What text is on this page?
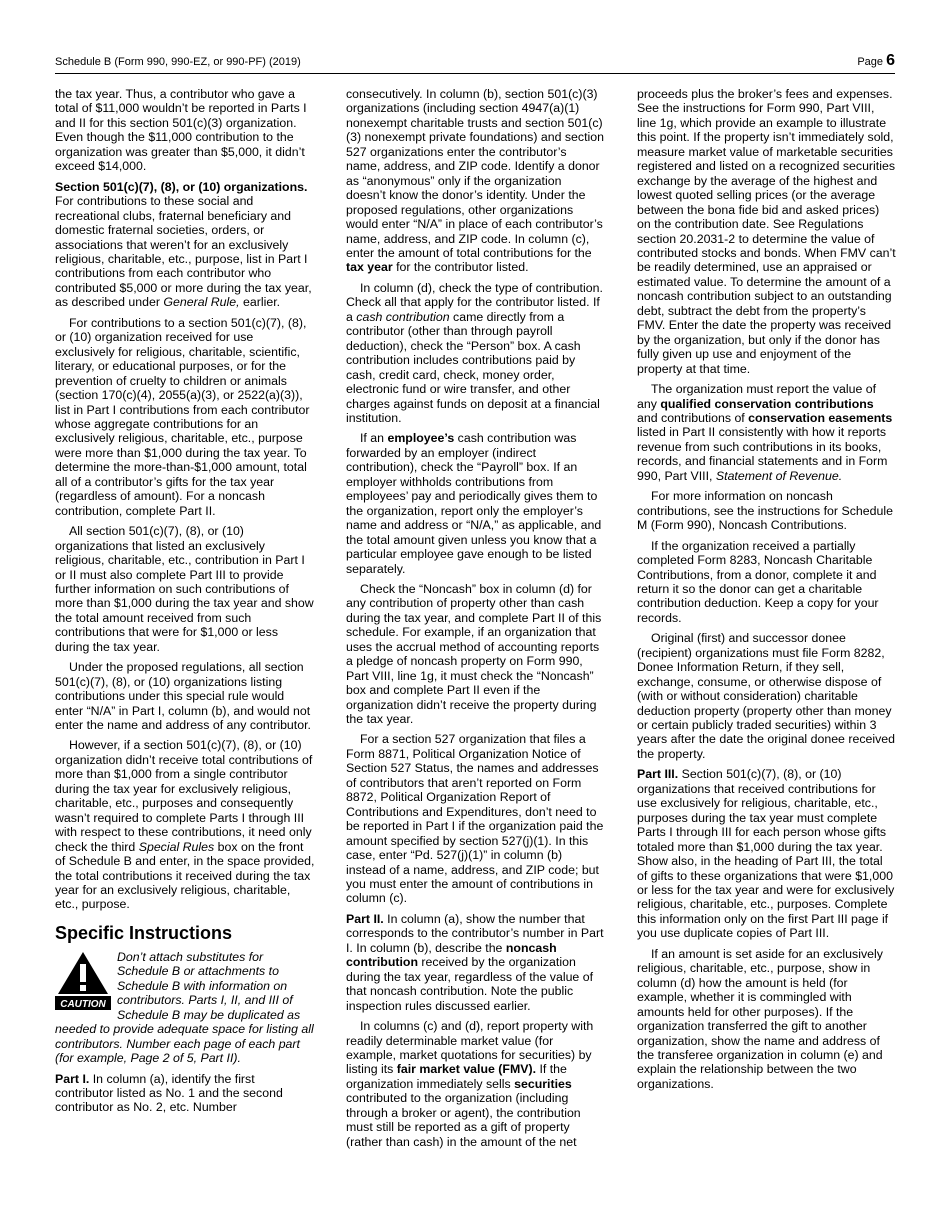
Schedule B (Form 990, 990-EZ, or 990-PF) (2019)	Page 6

the tax year. Thus, a contributor who gave a total of $11,000 wouldn’t be reported in Parts I and II for this section 501(c)(3) organization. Even though the $11,000 contribution to the organization was greater than $5,000, it didn’t exceed $14,000.

Section 501(c)(7), (8), or (10) organizations. For contributions to these social and recreational clubs, fraternal beneficiary and domestic fraternal societies, orders, or associations that weren’t for an exclusively religious, charitable, etc., purpose, list in Part I contributions from each contributor who contributed $5,000 or more during the tax year, as described under General Rule, earlier.

For contributions to a section 501(c)(7), (8), or (10) organization received for use exclusively for religious, charitable, scientific, literary, or educational purposes, or for the prevention of cruelty to children or animals (section 170(c)(4), 2055(a)(3), or 2522(a)(3)), list in Part I contributions from each contributor whose aggregate contributions for an exclusively religious, charitable, etc., purpose were more than $1,000 during the tax year. To determine the more-than-$1,000 amount, total all of a contributor’s gifts for the tax year (regardless of amount). For a noncash contribution, complete Part II.

All section 501(c)(7), (8), or (10) organizations that listed an exclusively religious, charitable, etc., contribution in Part I or II must also complete Part III to provide further information on such contributions of more than $1,000 during the tax year and show the total amount received from such contributions that were for $1,000 or less during the tax year.

Under the proposed regulations, all section 501(c)(7), (8), or (10) organizations listing contributions under this special rule would enter “N/A” in Part I, column (b), and would not enter the name and address of any contributor.

However, if a section 501(c)(7), (8), or (10) organization didn’t receive total contributions of more than $1,000 from a single contributor during the tax year for exclusively religious, charitable, etc., purposes and consequently wasn’t required to complete Parts I through III with respect to these contributions, it need only check the third Special Rules box on the front of Schedule B and enter, in the space provided, the total contributions it received during the tax year for an exclusively religious, charitable, etc., purpose.

Specific Instructions
CAUTION
Don’t attach substitutes for Schedule B or attachments to Schedule B with information on contributors. Parts I, II, and III of Schedule B may be duplicated as needed to provide adequate space for listing all contributors. Number each page of each part (for example, Page 2 of 5, Part II).

Part I. In column (a), identify the first contributor listed as No. 1 and the second contributor as No. 2, etc. Number

consecutively. In column (b), section 501(c)(3) organizations (including section 4947(a)(1) nonexempt charitable trusts and section 501(c)(3) nonexempt private foundations) and section 527 organizations enter the contributor’s name, address, and ZIP code. Identify a donor as “anonymous” only if the organization doesn’t know the donor’s identity. Under the proposed regulations, other organizations would enter “N/A” in place of each contributor’s name, address, and ZIP code. In column (c), enter the amount of total contributions for the tax year for the contributor listed.

In column (d), check the type of contribution. Check all that apply for the contributor listed. If a cash contribution came directly from a contributor (other than through payroll deduction), check the “Person” box. A cash contribution includes contributions paid by cash, credit card, check, money order, electronic fund or wire transfer, and other charges against funds on deposit at a financial institution.

If an employee’s cash contribution was forwarded by an employer (indirect contribution), check the “Payroll” box. If an employer withholds contributions from employees’ pay and periodically gives them to the organization, report only the employer’s name and address or “N/A,” as applicable, and the total amount given unless you know that a particular employee gave enough to be listed separately.

Check the “Noncash” box in column (d) for any contribution of property other than cash during the tax year, and complete Part II of this schedule. For example, if an organization that uses the accrual method of accounting reports a pledge of noncash property on Form 990, Part VIII, line 1g, it must check the “Noncash” box and complete Part II even if the organization didn’t receive the property during the tax year.

For a section 527 organization that files a Form 8871, Political Organization Notice of Section 527 Status, the names and addresses of contributors that aren’t reported on Form 8872, Political Organization Report of Contributions and Expenditures, don’t need to be reported in Part I if the organization paid the amount specified by section 527(j)(1). In this case, enter “Pd. 527(j)(1)” in column (b) instead of a name, address, and ZIP code; but you must enter the amount of contributions in column (c).

Part II. In column (a), show the number that corresponds to the contributor’s number in Part I. In column (b), describe the noncash contribution received by the organization during the tax year, regardless of the value of that noncash contribution. Note the public inspection rules discussed earlier.

In columns (c) and (d), report property with readily determinable market value (for example, market quotations for securities) by listing its fair market value (FMV). If the organization immediately sells securities contributed to the organization (including through a broker or agent), the contribution must still be reported as a gift of property (rather than cash) in the amount of the net

proceeds plus the broker’s fees and expenses. See the instructions for Form 990, Part VIII, line 1g, which provide an example to illustrate this point. If the property isn’t immediately sold, measure market value of marketable securities registered and listed on a recognized securities exchange by the average of the highest and lowest quoted selling prices (or the average between the bona fide bid and asked prices) on the contribution date. See Regulations section 20.2031-2 to determine the value of contributed stocks and bonds. When FMV can’t be readily determined, use an appraised or estimated value. To determine the amount of a noncash contribution subject to an outstanding debt, subtract the debt from the property’s FMV. Enter the date the property was received by the organization, but only if the donor has fully given up use and enjoyment of the property at that time.

The organization must report the value of any qualified conservation contributions and contributions of conservation easements listed in Part II consistently with how it reports revenue from such contributions in its books, records, and financial statements and in Form 990, Part VIII, Statement of Revenue.

For more information on noncash contributions, see the instructions for Schedule M (Form 990), Noncash Contributions.

If the organization received a partially completed Form 8283, Noncash Charitable Contributions, from a donor, complete it and return it so the donor can get a charitable contribution deduction. Keep a copy for your records.

Original (first) and successor donee (recipient) organizations must file Form 8282, Donee Information Return, if they sell, exchange, consume, or otherwise dispose of (with or without consideration) charitable deduction property (property other than money or certain publicly traded securities) within 3 years after the date the original donee received the property.

Part III. Section 501(c)(7), (8), or (10) organizations that received contributions for use exclusively for religious, charitable, etc., purposes during the tax year must complete Parts I through III for each person whose gifts totaled more than $1,000 during the tax year. Show also, in the heading of Part III, the total of gifts to these organizations that were $1,000 or less for the tax year and were for exclusively religious, charitable, etc., purposes. Complete this information only on the first Part III page if you use duplicate copies of Part III.

If an amount is set aside for an exclusively religious, charitable, etc., purpose, show in column (d) how the amount is held (for example, whether it is commingled with amounts held for other purposes). If the organization transferred the gift to another organization, show the name and address of the transferee organization in column (e) and explain the relationship between the two organizations.
